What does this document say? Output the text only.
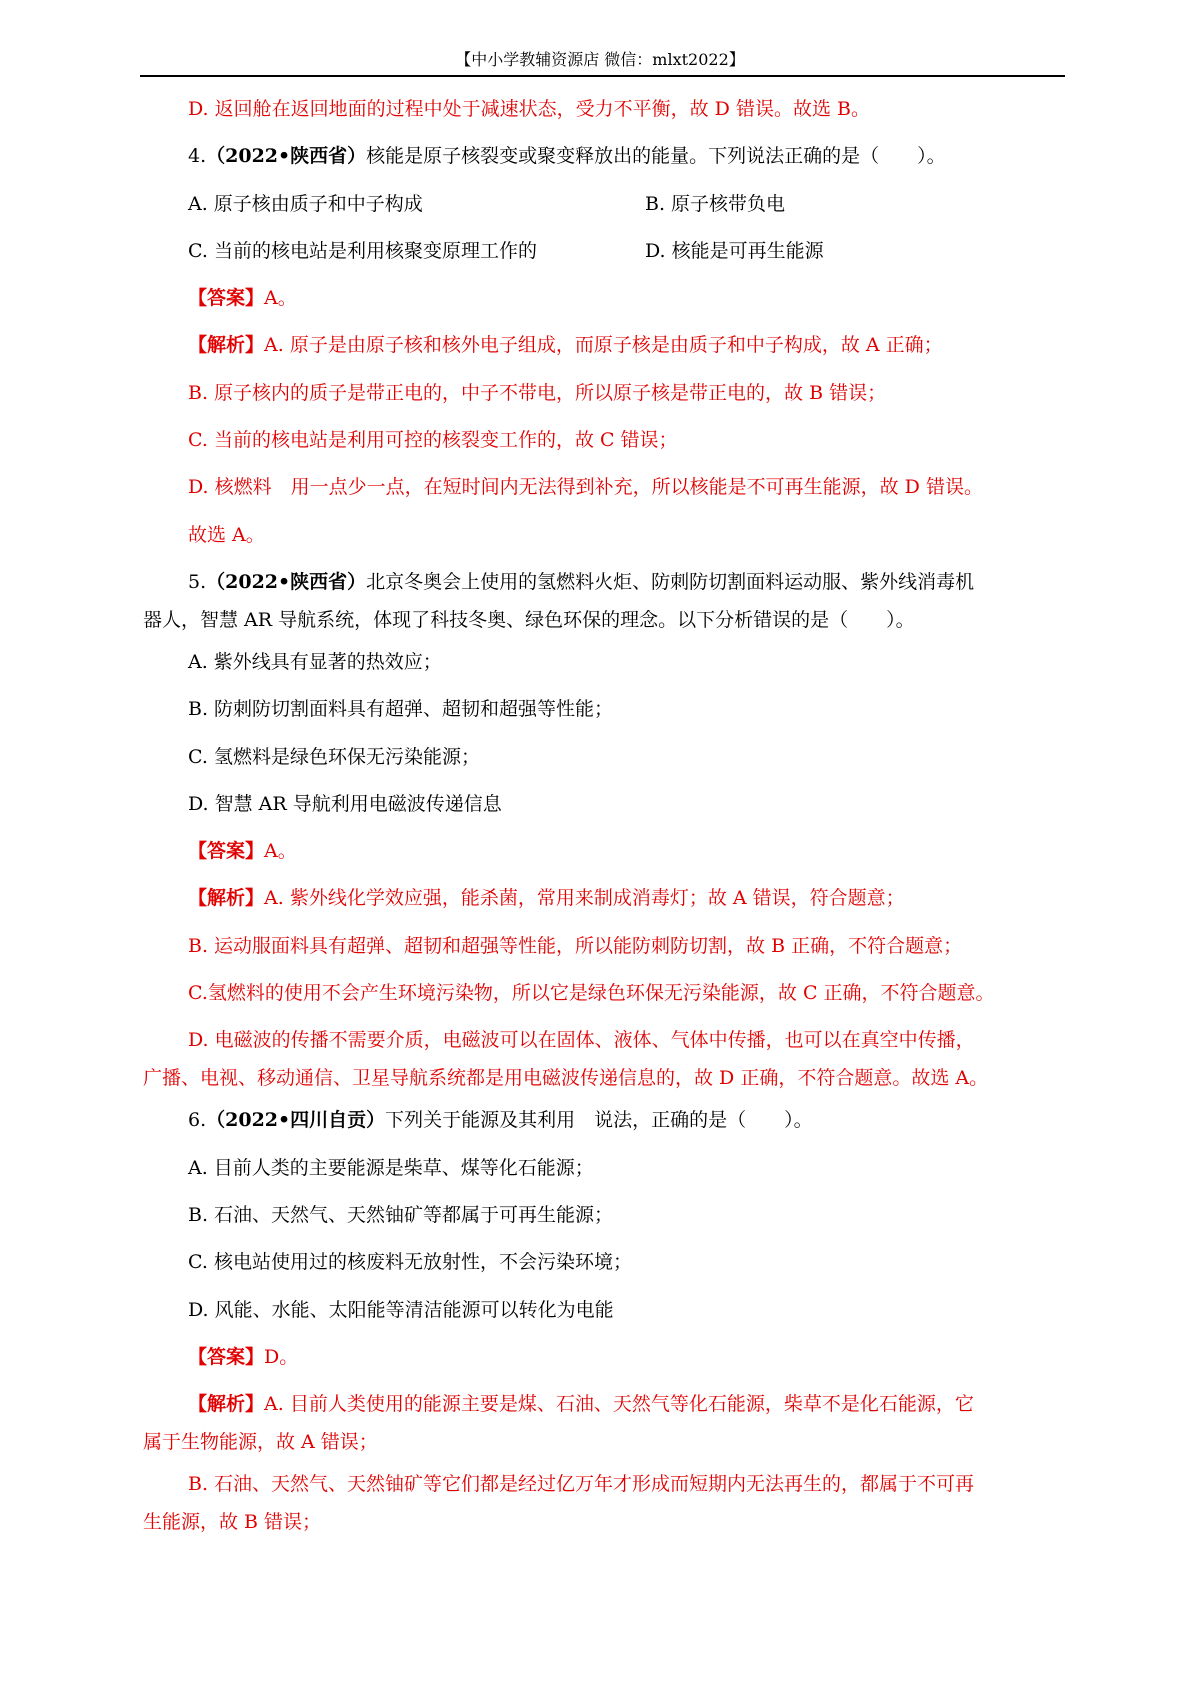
【中小学教辅资源店 微信：mlxt2022】
D. 返回舱在返回地面的过程中处于减速状态，受力不平衡，故 D 错误。故选 B。
4.（2022•陕西省）核能是原子核裂变或聚变释放出的能量。下列说法正确的是（　　）。
A. 原子核由质子和中子构成	B. 原子核带负电
C. 当前的核电站是利用核聚变原理工作的	D. 核能是可再生能源
【答案】A。
【解析】A. 原子是由原子核和核外电子组成，而原子核是由质子和中子构成，故 A 正确；
B. 原子核内的质子是带正电的，中子不带电，所以原子核是带正电的，故 B 错误；
C. 当前的核电站是利用可控的核裂变工作的，故 C 错误；
D. 核燃料　用一点少一点，在短时间内无法得到补充，所以核能是不可再生能源，故 D 错误。
故选 A。
5.（2022•陕西省）北京冬奥会上使用的氢燃料火炬、防刺防切割面料运动服、紫外线消毒机
器人，智慧 AR 导航系统，体现了科技冬奥、绿色环保的理念。以下分析错误的是（　　）。
A. 紫外线具有显著的热效应；
B. 防刺防切割面料具有超弹、超韧和超强等性能；
C. 氢燃料是绿色环保无污染能源；
D. 智慧 AR 导航利用电磁波传递信息
【答案】A。
【解析】A. 紫外线化学效应强，能杀菌，常用来制成消毒灯；故 A 错误，符合题意；
B. 运动服面料具有超弹、超韧和超强等性能，所以能防刺防切割，故 B 正确，不符合题意；
C.氢燃料的使用不会产生环境污染物，所以它是绿色环保无污染能源，故 C 正确，不符合题意。
D. 电磁波的传播不需要介质，电磁波可以在固体、液体、气体中传播，也可以在真空中传播，
广播、电视、移动通信、卫星导航系统都是用电磁波传递信息的，故 D 正确，不符合题意。故选 A。
6.（2022•四川自贡）下列关于能源及其利用　说法，正确的是（　　）。
A. 目前人类的主要能源是柴草、煤等化石能源；
B. 石油、天然气、天然铀矿等都属于可再生能源；
C. 核电站使用过的核废料无放射性，不会污染环境；
D. 风能、水能、太阳能等清洁能源可以转化为电能
【答案】D。
【解析】A. 目前人类使用的能源主要是煤、石油、天然气等化石能源，柴草不是化石能源，它
属于生物能源，故 A 错误；
B. 石油、天然气、天然铀矿等它们都是经过亿万年才形成而短期内无法再生的，都属于不可再
生能源，故 B 错误；
